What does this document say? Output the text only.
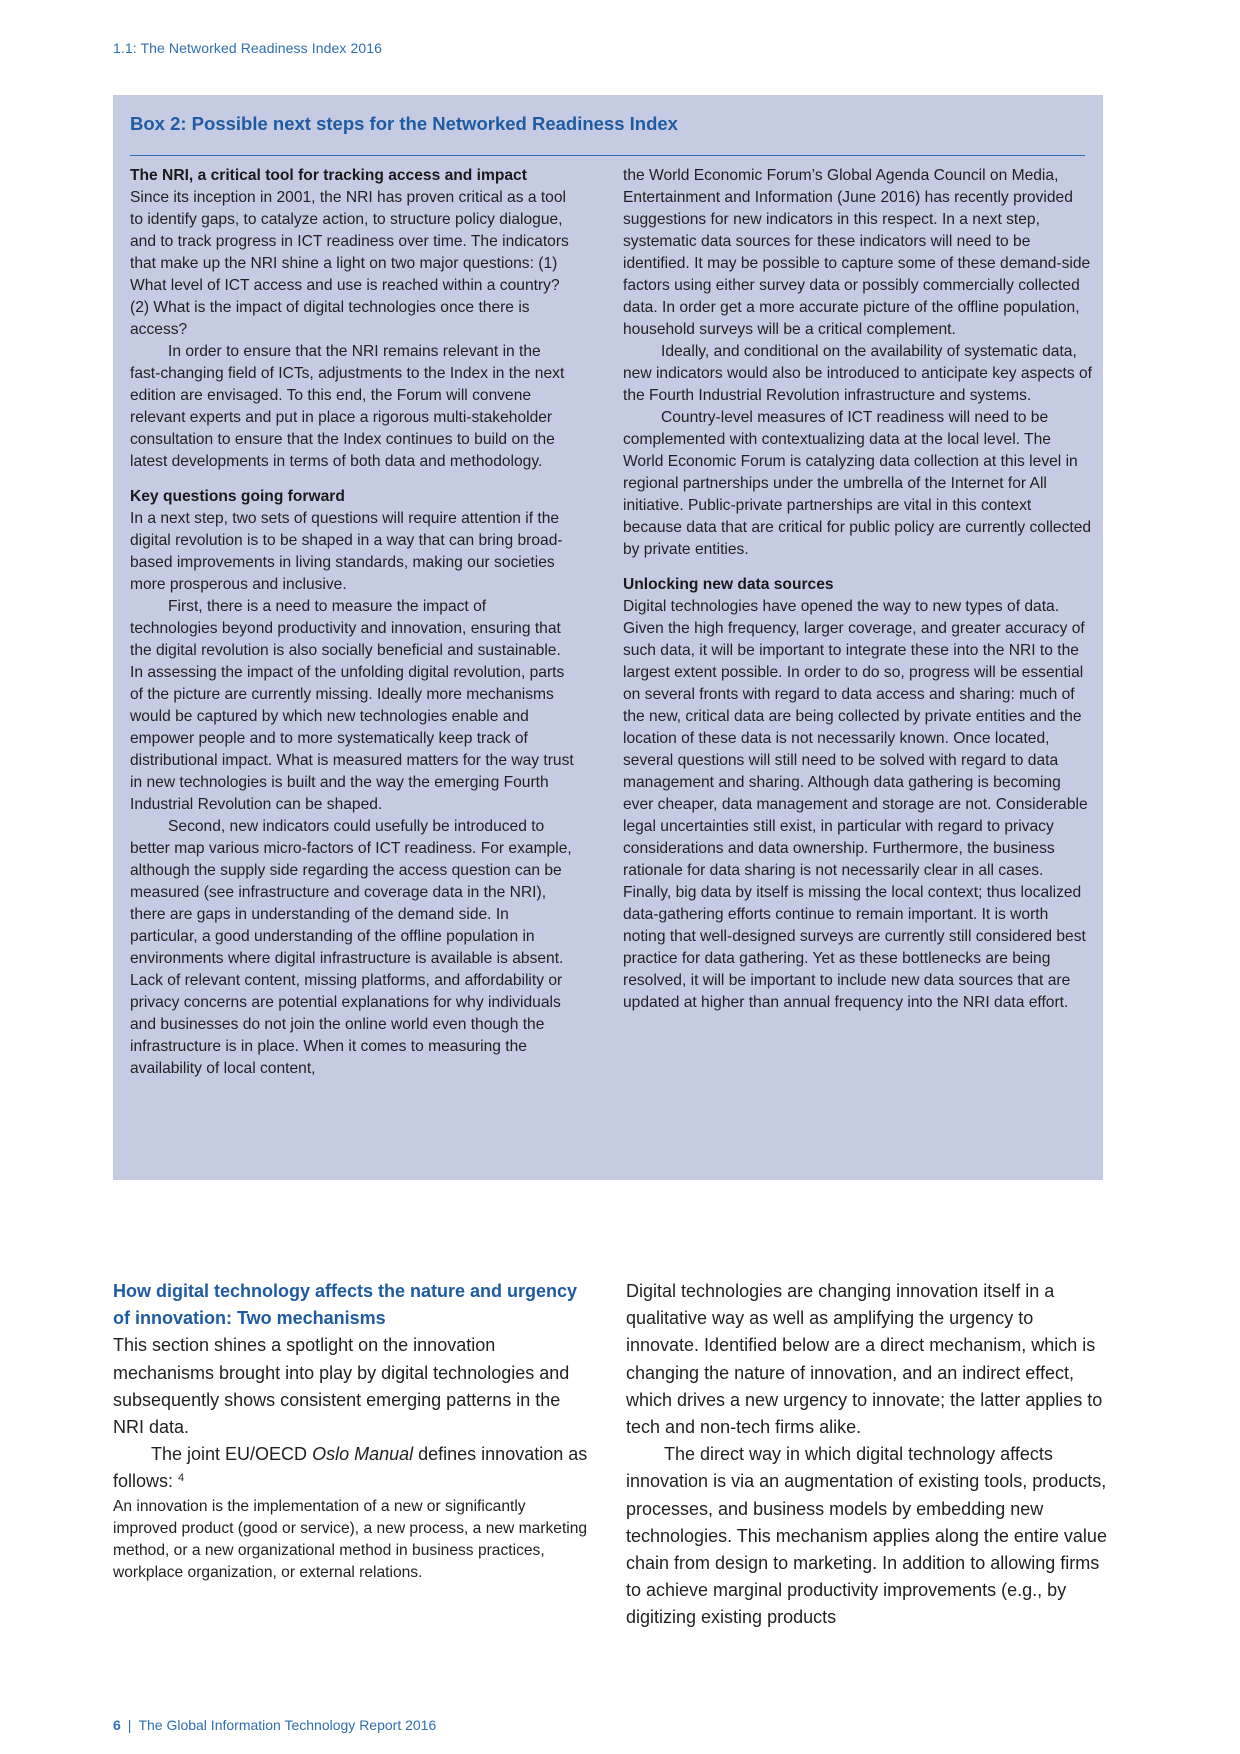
1.1: The Networked Readiness Index 2016
Box 2: Possible next steps for the Networked Readiness Index
The NRI, a critical tool for tracking access and impact

Since its inception in 2001, the NRI has proven critical as a tool to identify gaps, to catalyze action, to structure policy dialogue, and to track progress in ICT readiness over time. The indicators that make up the NRI shine a light on two major questions: (1) What level of ICT access and use is reached within a country? (2) What is the impact of digital technologies once there is access?

In order to ensure that the NRI remains relevant in the fast-changing field of ICTs, adjustments to the Index in the next edition are envisaged. To this end, the Forum will convene relevant experts and put in place a rigorous multi-stakeholder consultation to ensure that the Index continues to build on the latest developments in terms of both data and methodology.

Key questions going forward

In a next step, two sets of questions will require attention if the digital revolution is to be shaped in a way that can bring broad-based improvements in living standards, making our societies more prosperous and inclusive.

First, there is a need to measure the impact of technologies beyond productivity and innovation, ensuring that the digital revolution is also socially beneficial and sustainable. In assessing the impact of the unfolding digital revolution, parts of the picture are currently missing. Ideally more mechanisms would be captured by which new technologies enable and empower people and to more systematically keep track of distributional impact. What is measured matters for the way trust in new technologies is built and the way the emerging Fourth Industrial Revolution can be shaped.

Second, new indicators could usefully be introduced to better map various micro-factors of ICT readiness. For example, although the supply side regarding the access question can be measured (see infrastructure and coverage data in the NRI), there are gaps in understanding of the demand side. In particular, a good understanding of the offline population in environments where digital infrastructure is available is absent. Lack of relevant content, missing platforms, and affordability or privacy concerns are potential explanations for why individuals and businesses do not join the online world even though the infrastructure is in place. When it comes to measuring the availability of local content,

the World Economic Forum’s Global Agenda Council on Media, Entertainment and Information (June 2016) has recently provided suggestions for new indicators in this respect. In a next step, systematic data sources for these indicators will need to be identified. It may be possible to capture some of these demand-side factors using either survey data or possibly commercially collected data. In order get a more accurate picture of the offline population, household surveys will be a critical complement.

Ideally, and conditional on the availability of systematic data, new indicators would also be introduced to anticipate key aspects of the Fourth Industrial Revolution infrastructure and systems.

Country-level measures of ICT readiness will need to be complemented with contextualizing data at the local level. The World Economic Forum is catalyzing data collection at this level in regional partnerships under the umbrella of the Internet for All initiative. Public-private partnerships are vital in this context because data that are critical for public policy are currently collected by private entities.

Unlocking new data sources

Digital technologies have opened the way to new types of data. Given the high frequency, larger coverage, and greater accuracy of such data, it will be important to integrate these into the NRI to the largest extent possible. In order to do so, progress will be essential on several fronts with regard to data access and sharing: much of the new, critical data are being collected by private entities and the location of these data is not necessarily known. Once located, several questions will still need to be solved with regard to data management and sharing. Although data gathering is becoming ever cheaper, data management and storage are not. Considerable legal uncertainties still exist, in particular with regard to privacy considerations and data ownership. Furthermore, the business rationale for data sharing is not necessarily clear in all cases. Finally, big data by itself is missing the local context; thus localized data-gathering efforts continue to remain important. It is worth noting that well-designed surveys are currently still considered best practice for data gathering. Yet as these bottlenecks are being resolved, it will be important to include new data sources that are updated at higher than annual frequency into the NRI data effort.

How digital technology affects the nature and urgency of innovation: Two mechanisms

This section shines a spotlight on the innovation mechanisms brought into play by digital technologies and subsequently shows consistent emerging patterns in the NRI data.

The joint EU/OECD Oslo Manual defines innovation as follows: $^4$

An innovation is the implementation of a new or significantly improved product (good or service), a new process, a new marketing method, or a new organizational method in business practices, workplace organization, or external relations.

Digital technologies are changing innovation itself in a qualitative way as well as amplifying the urgency to innovate. Identified below are a direct mechanism, which is changing the nature of innovation, and an indirect effect, which drives a new urgency to innovate; the latter applies to tech and non-tech firms alike.

The direct way in which digital technology affects innovation is via an augmentation of existing tools, products, processes, and business models by embedding new technologies. This mechanism applies along the entire value chain from design to marketing. In addition to allowing firms to achieve marginal productivity improvements (e.g., by digitizing existing products

6 | The Global Information Technology Report 2016
